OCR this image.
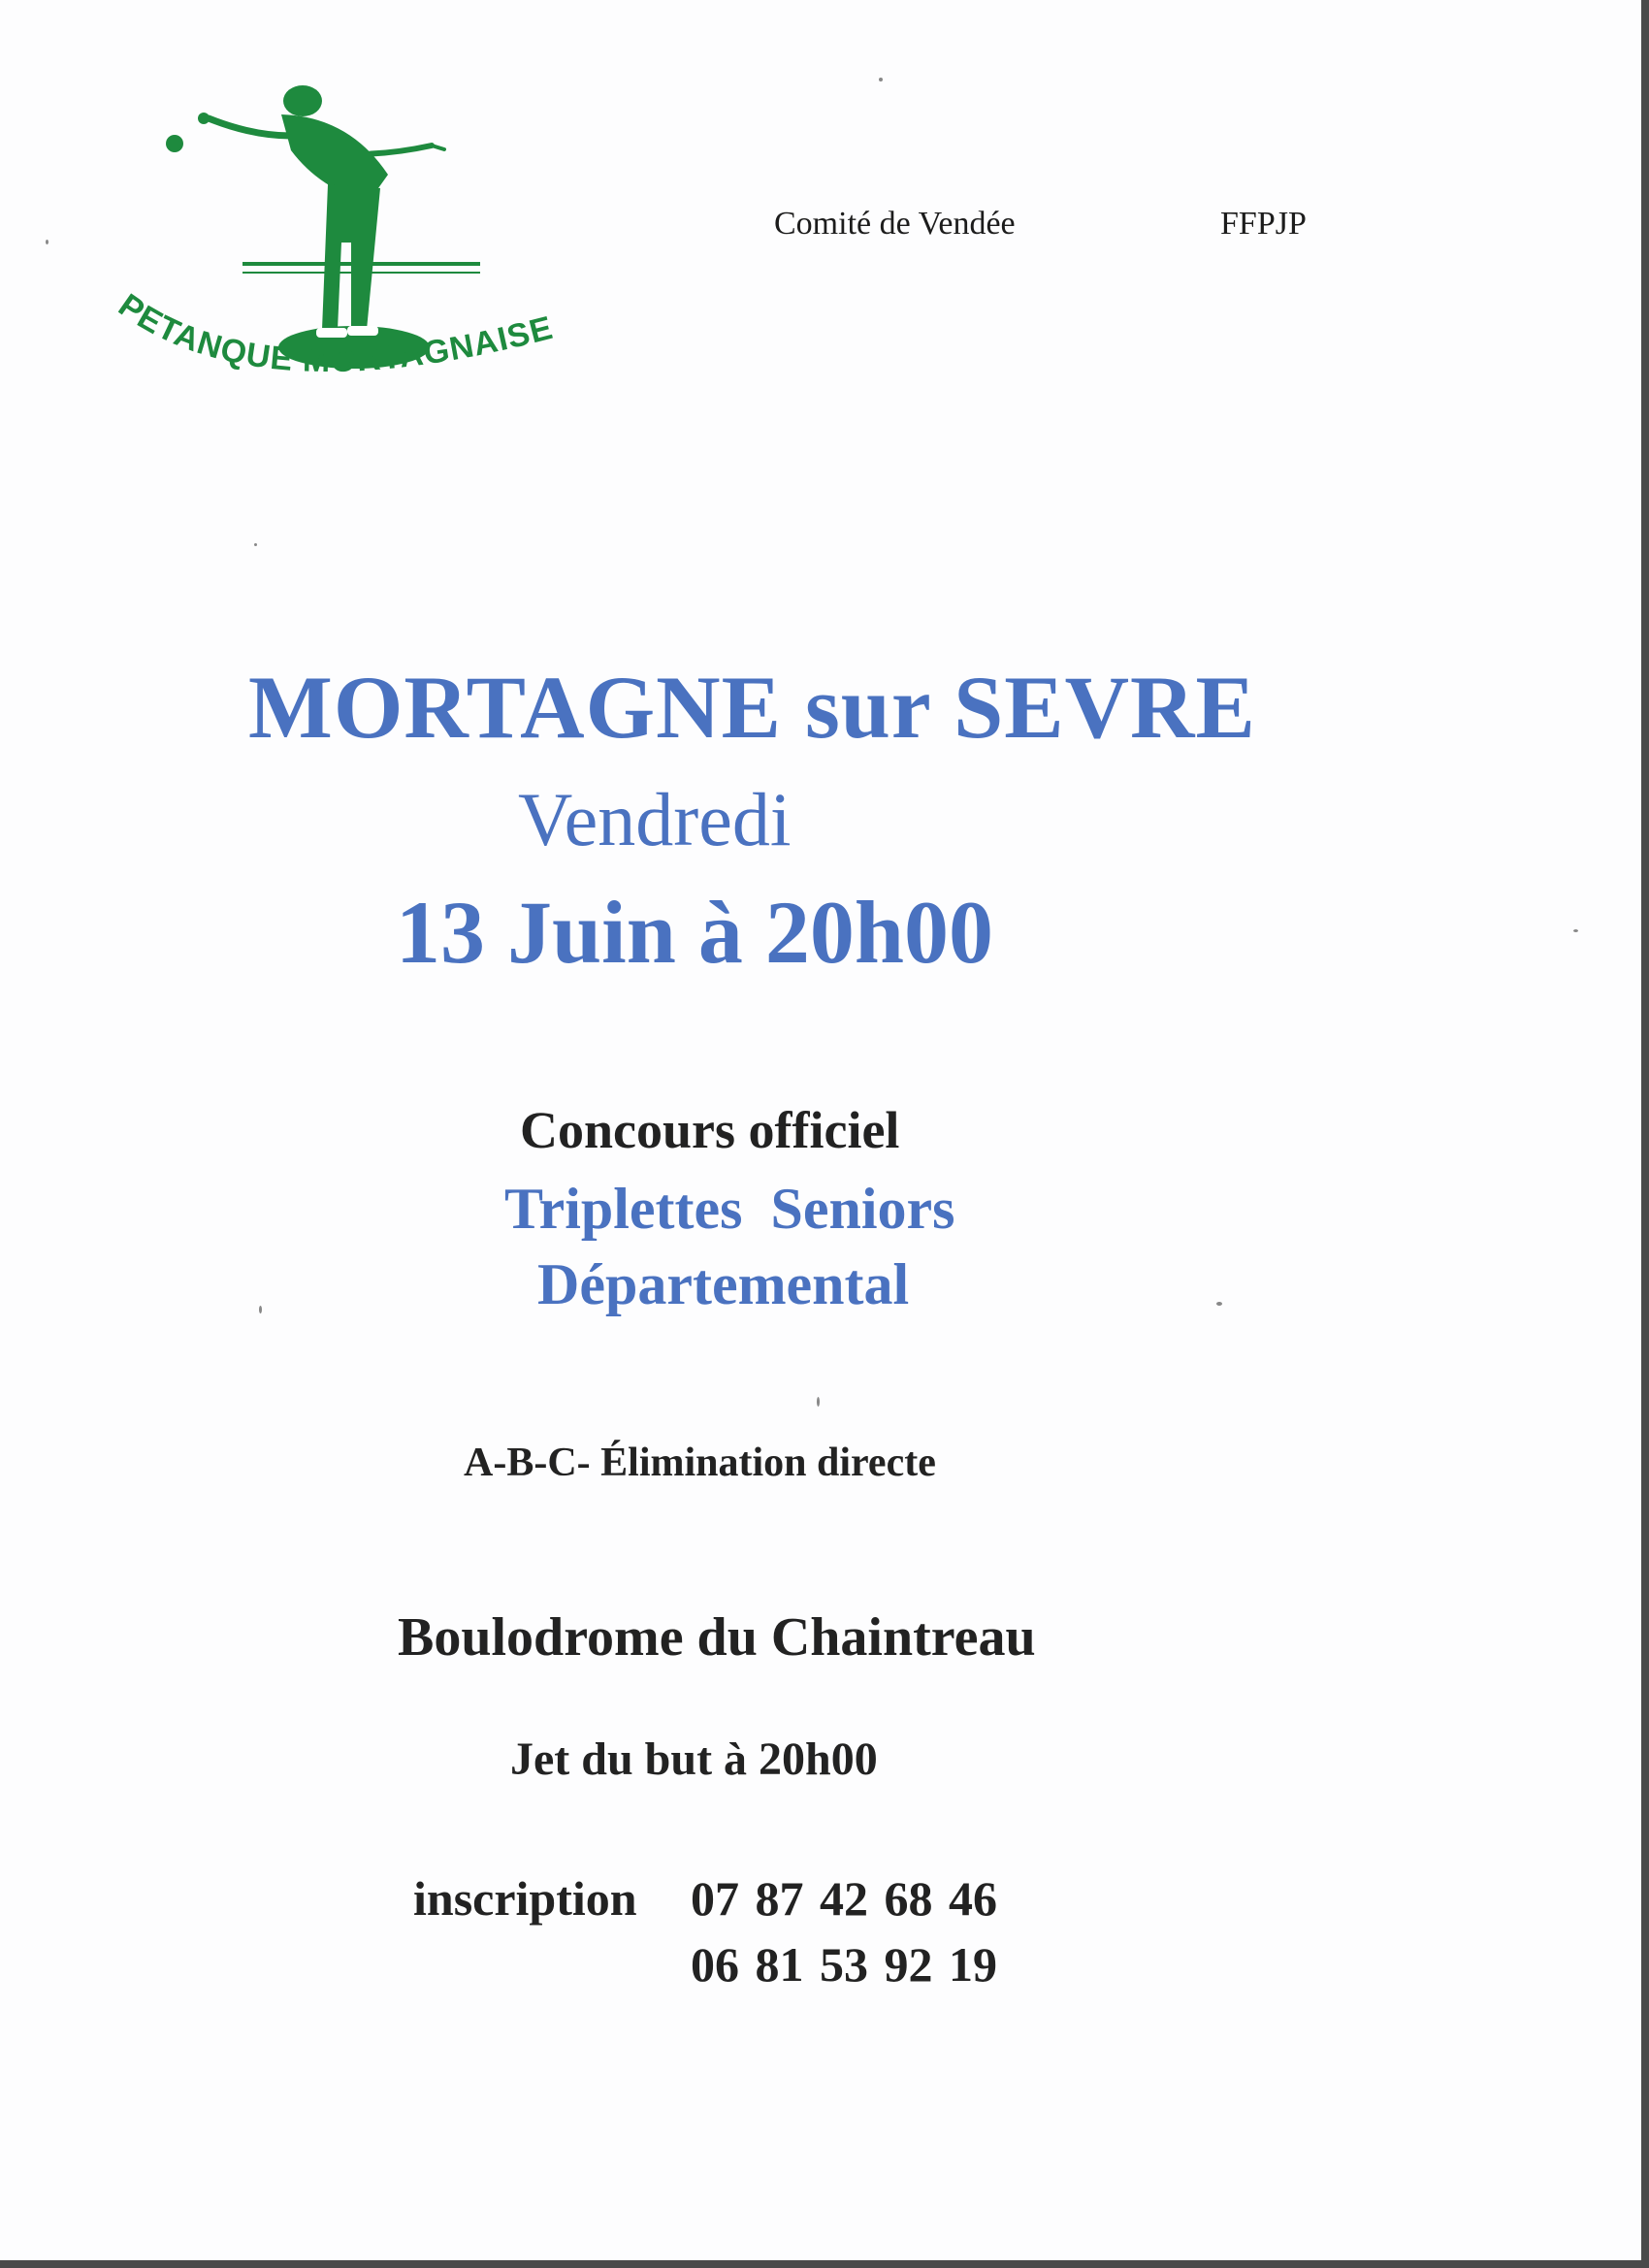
PETANQUE MORTAGNAISE
Comité de Vendée	FFPJP
MORTAGNE sur SEVRE
Vendredi
13 Juin à 20h00
Concours officiel
Triplettes Seniors
Départemental
A-B-C- Élimination directe
Boulodrome du Chaintreau
Jet du but à 20h00
inscription 07 87 42 68 46
06 81 53 92 19
